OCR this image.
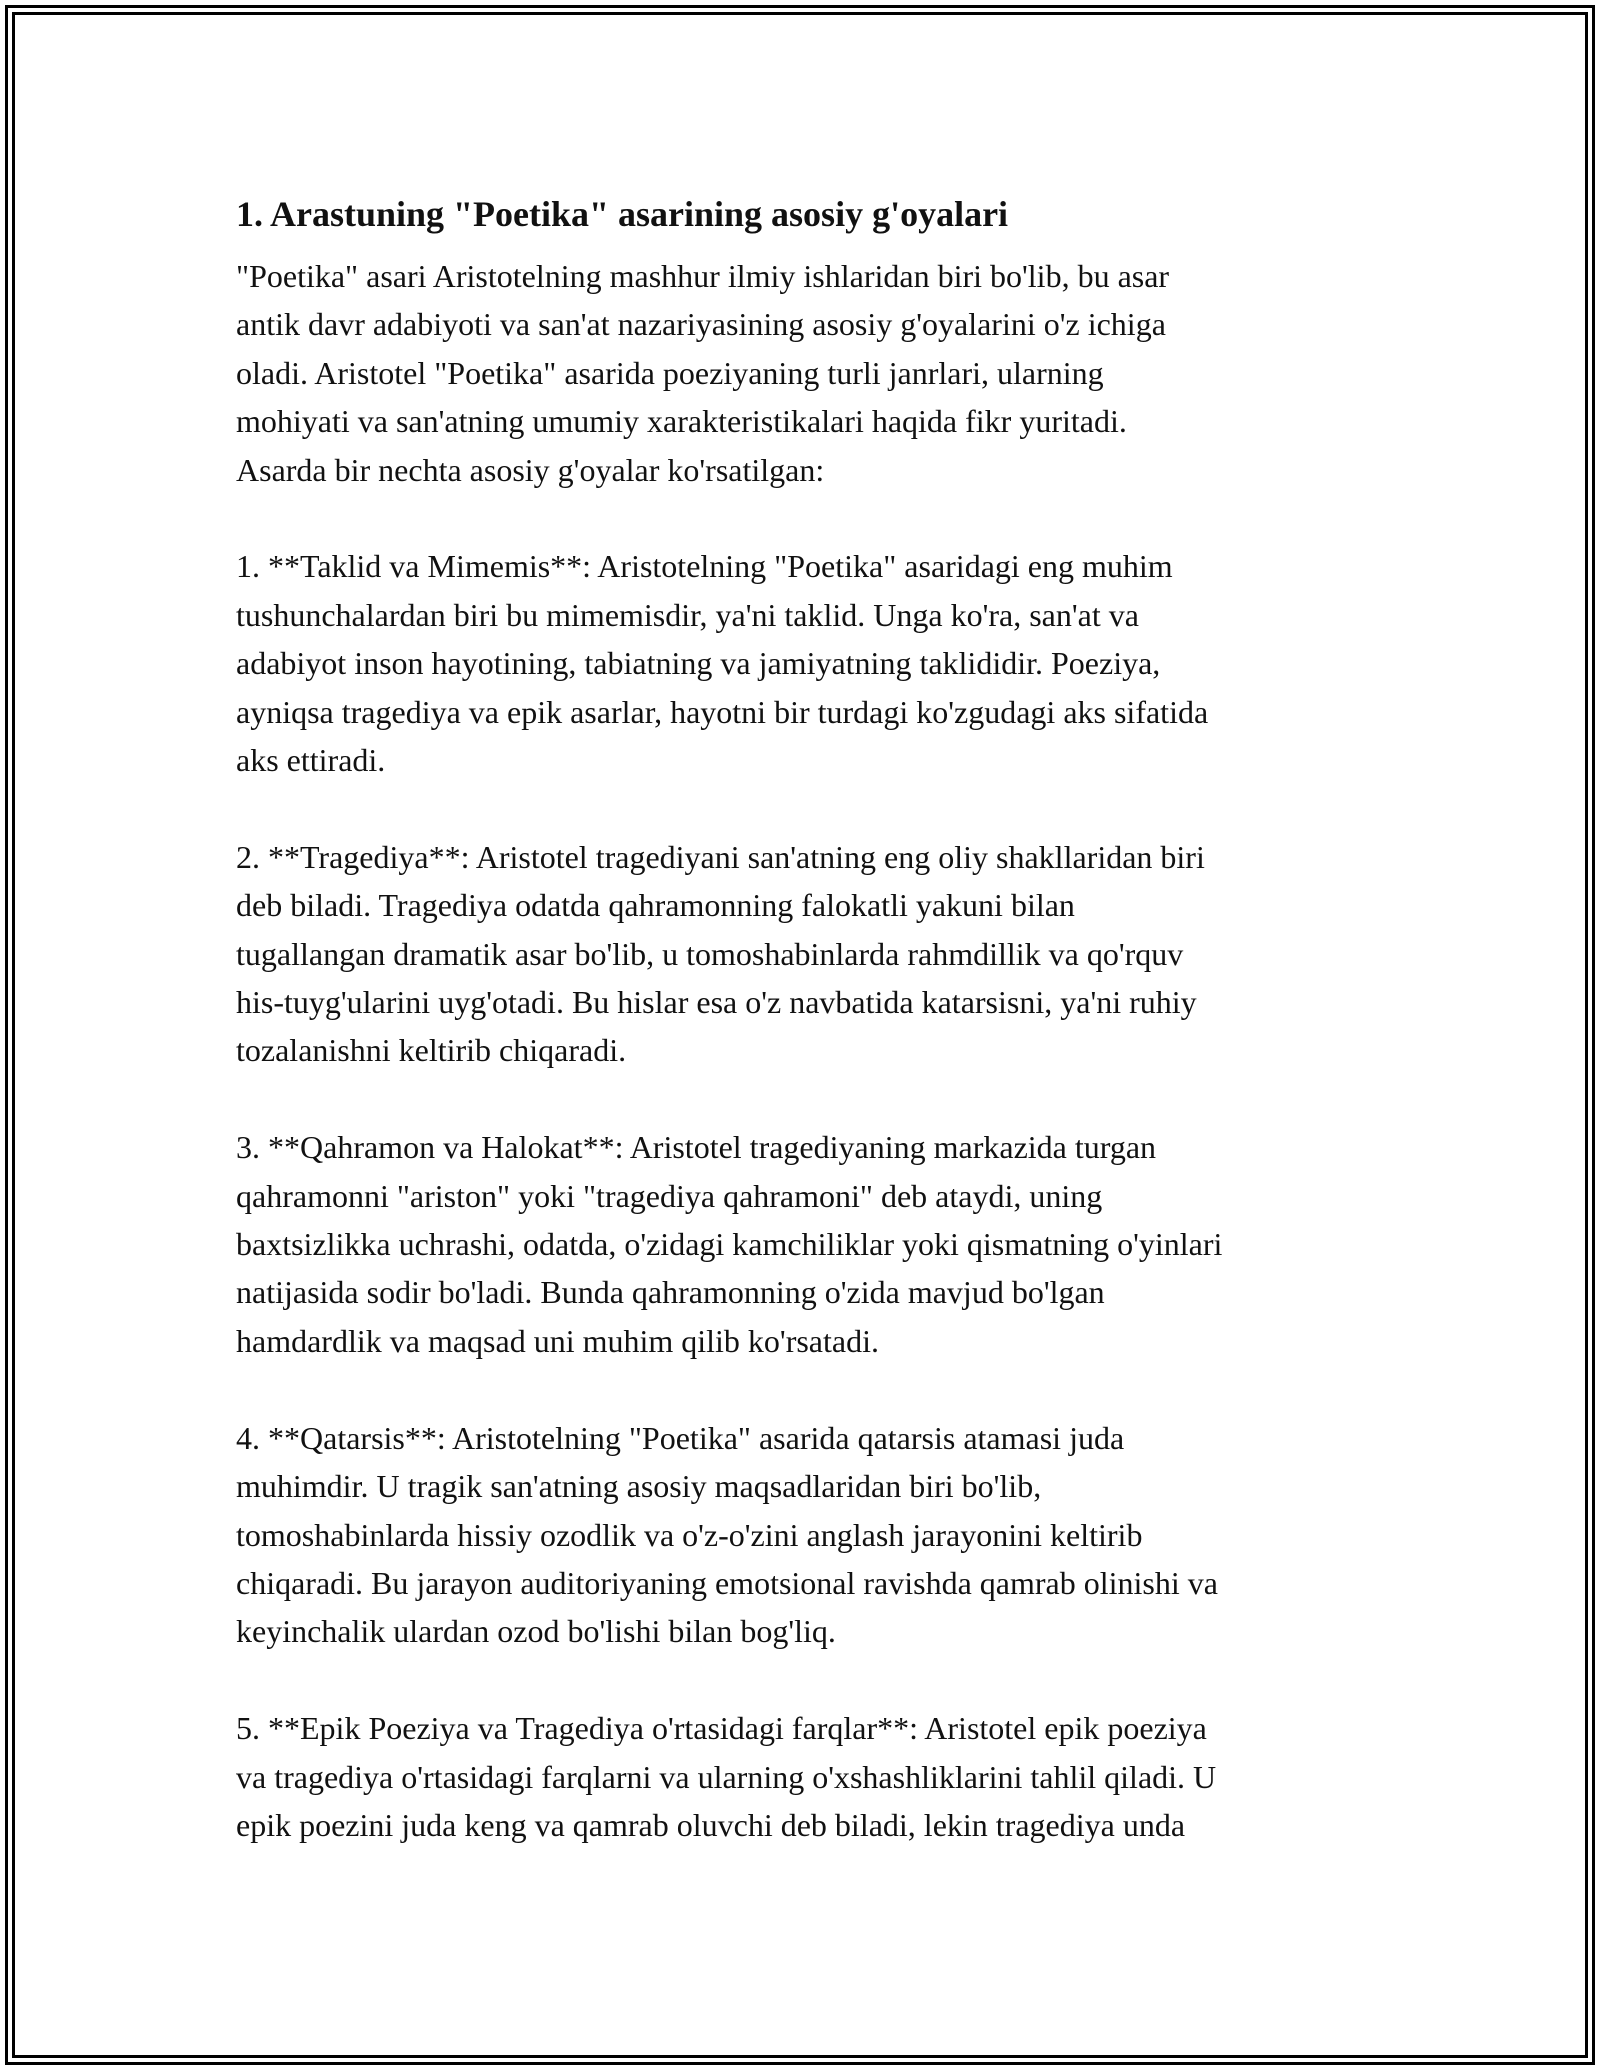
1. Arastuning "Poetika" asarining asosiy g'oyalari
"Poetika" asari Aristotelning mashhur ilmiy ishlaridan biri bo'lib, bu asar
antik davr adabiyoti va san'at nazariyasining asosiy g'oyalarini o'z ichiga
oladi. Aristotel "Poetika" asarida poeziyaning turli janrlari, ularning
mohiyati va san'atning umumiy xarakteristikalari haqida fikr yuritadi.
Asarda bir nechta asosiy g'oyalar ko'rsatilgan:
1. **Taklid va Mimemis**: Aristotelning "Poetika" asaridagi eng muhim
tushunchalardan biri bu mimemisdir, ya'ni taklid. Unga ko'ra, san'at va
adabiyot inson hayotining, tabiatning va jamiyatning taklididir. Poeziya,
ayniqsa tragediya va epik asarlar, hayotni bir turdagi ko'zgudagi aks sifatida
aks ettiradi.
2. **Tragediya**: Aristotel tragediyani san'atning eng oliy shakllaridan biri
deb biladi. Tragediya odatda qahramonning falokatli yakuni bilan
tugallangan dramatik asar bo'lib, u tomoshabinlarda rahmdillik va qo'rquv
his-tuyg'ularini uyg'otadi. Bu hislar esa o'z navbatida katarsisni, ya'ni ruhiy
tozalanishni keltirib chiqaradi.
3. **Qahramon va Halokat**: Aristotel tragediyaning markazida turgan
qahramonni "ariston" yoki "tragediya qahramoni" deb ataydi, uning
baxtsizlikka uchrashi, odatda, o'zidagi kamchiliklar yoki qismatning o'yinlari
natijasida sodir bo'ladi. Bunda qahramonning o'zida mavjud bo'lgan
hamdardlik va maqsad uni muhim qilib ko'rsatadi.
4. **Qatarsis**: Aristotelning "Poetika" asarida qatarsis atamasi juda
muhimdir. U tragik san'atning asosiy maqsadlaridan biri bo'lib,
tomoshabinlarda hissiy ozodlik va o'z-o'zini anglash jarayonini keltirib
chiqaradi. Bu jarayon auditoriyaning emotsional ravishda qamrab olinishi va
keyinchalik ulardan ozod bo'lishi bilan bog'liq.
5. **Epik Poeziya va Tragediya o'rtasidagi farqlar**: Aristotel epik poeziya
va tragediya o'rtasidagi farqlarni va ularning o'xshashliklarini tahlil qiladi. U
epik poezini juda keng va qamrab oluvchi deb biladi, lekin tragediya unda
